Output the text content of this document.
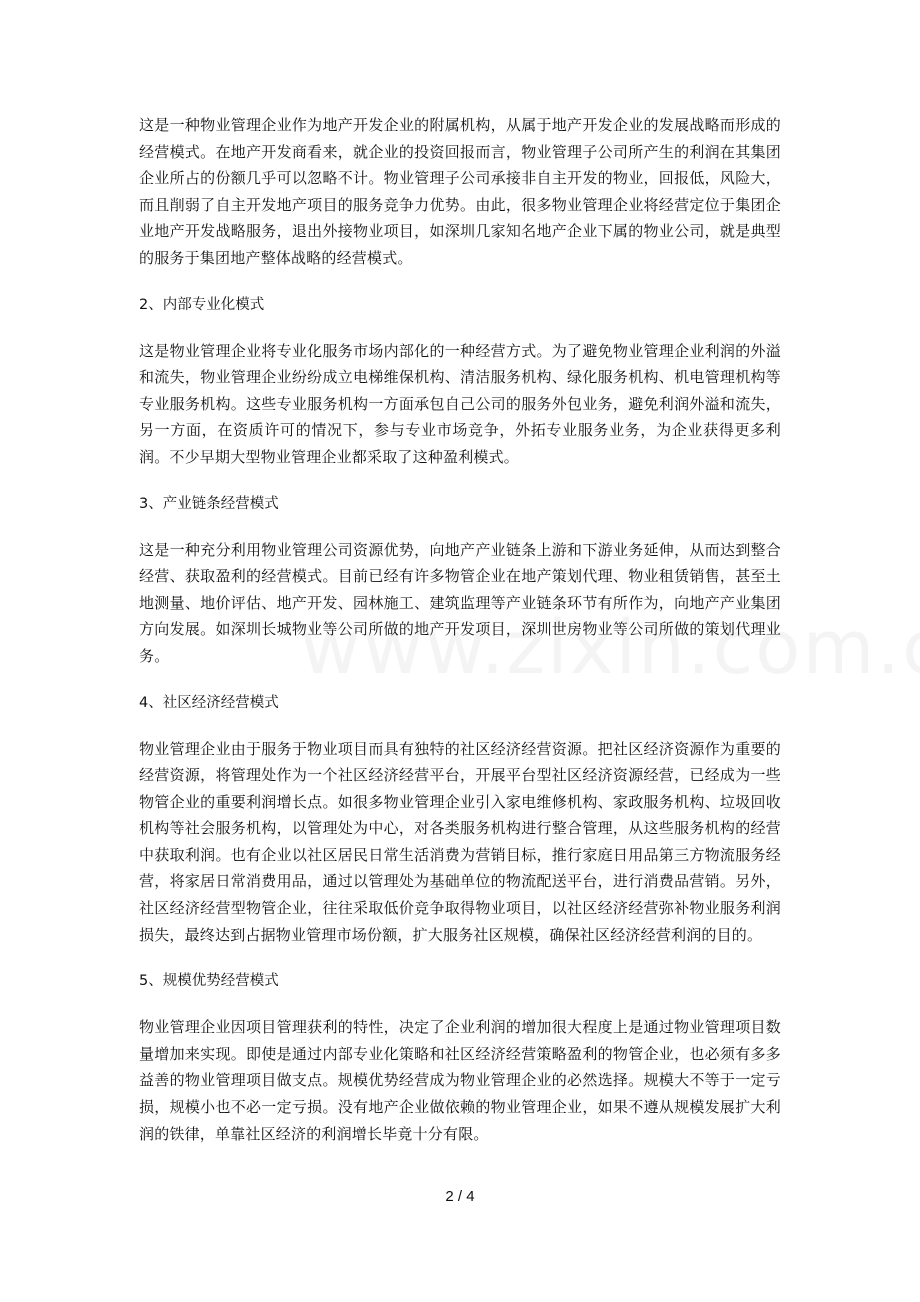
这是一种物业管理企业作为地产开发企业的附属机构，从属于地产开发企业的发展战略而形成的经营模式。在地产开发商看来，就企业的投资回报而言，物业管理子公司所产生的利润在其集团企业所占的份额几乎可以忽略不计。物业管理子公司承接非自主开发的物业，回报低，风险大，而且削弱了自主开发地产项目的服务竞争力优势。由此，很多物业管理企业将经营定位于集团企业地产开发战略服务，退出外接物业项目，如深圳几家知名地产企业下属的物业公司，就是典型的服务于集团地产整体战略的经营模式。

2、内部专业化模式

这是物业管理企业将专业化服务市场内部化的一种经营方式。为了避免物业管理企业利润的外溢和流失，物业管理企业纷纷成立电梯维保机构、清洁服务机构、绿化服务机构、机电管理机构等专业服务机构。这些专业服务机构一方面承包自己公司的服务外包业务，避免利润外溢和流失，另一方面，在资质许可的情况下，参与专业市场竞争，外拓专业服务业务，为企业获得更多利润。不少早期大型物业管理企业都采取了这种盈利模式。

3、产业链条经营模式

这是一种充分利用物业管理公司资源优势，向地产产业链条上游和下游业务延伸，从而达到整合经营、获取盈利的经营模式。目前已经有许多物管企业在地产策划代理、物业租赁销售，甚至土地测量、地价评估、地产开发、园林施工、建筑监理等产业链条环节有所作为，向地产产业集团方向发展。如深圳长城物业等公司所做的地产开发项目，深圳世房物业等公司所做的策划代理业务。

4、社区经济经营模式

物业管理企业由于服务于物业项目而具有独特的社区经济经营资源。把社区经济资源作为重要的经营资源，将管理处作为一个社区经济经营平台，开展平台型社区经济资源经营，已经成为一些物管企业的重要利润增长点。如很多物业管理企业引入家电维修机构、家政服务机构、垃圾回收机构等社会服务机构，以管理处为中心，对各类服务机构进行整合管理，从这些服务机构的经营中获取利润。也有企业以社区居民日常生活消费为营销目标，推行家庭日用品第三方物流服务经营，将家居日常消费用品，通过以管理处为基础单位的物流配送平台，进行消费品营销。另外，社区经济经营型物管企业，往往采取低价竞争取得物业项目，以社区经济经营弥补物业服务利润损失，最终达到占据物业管理市场份额，扩大服务社区规模，确保社区经济经营利润的目的。

5、规模优势经营模式

物业管理企业因项目管理获利的特性，决定了企业利润的增加很大程度上是通过物业管理项目数量增加来实现。即使是通过内部专业化策略和社区经济经营策略盈利的物管企业，也必须有多多益善的物业管理项目做支点。规模优势经营成为物业管理企业的必然选择。规模大不等于一定亏损，规模小也不必一定亏损。没有地产企业做依赖的物业管理企业，如果不遵从规模发展扩大利润的铁律，单靠社区经济的利润增长毕竟十分有限。

2 / 4
